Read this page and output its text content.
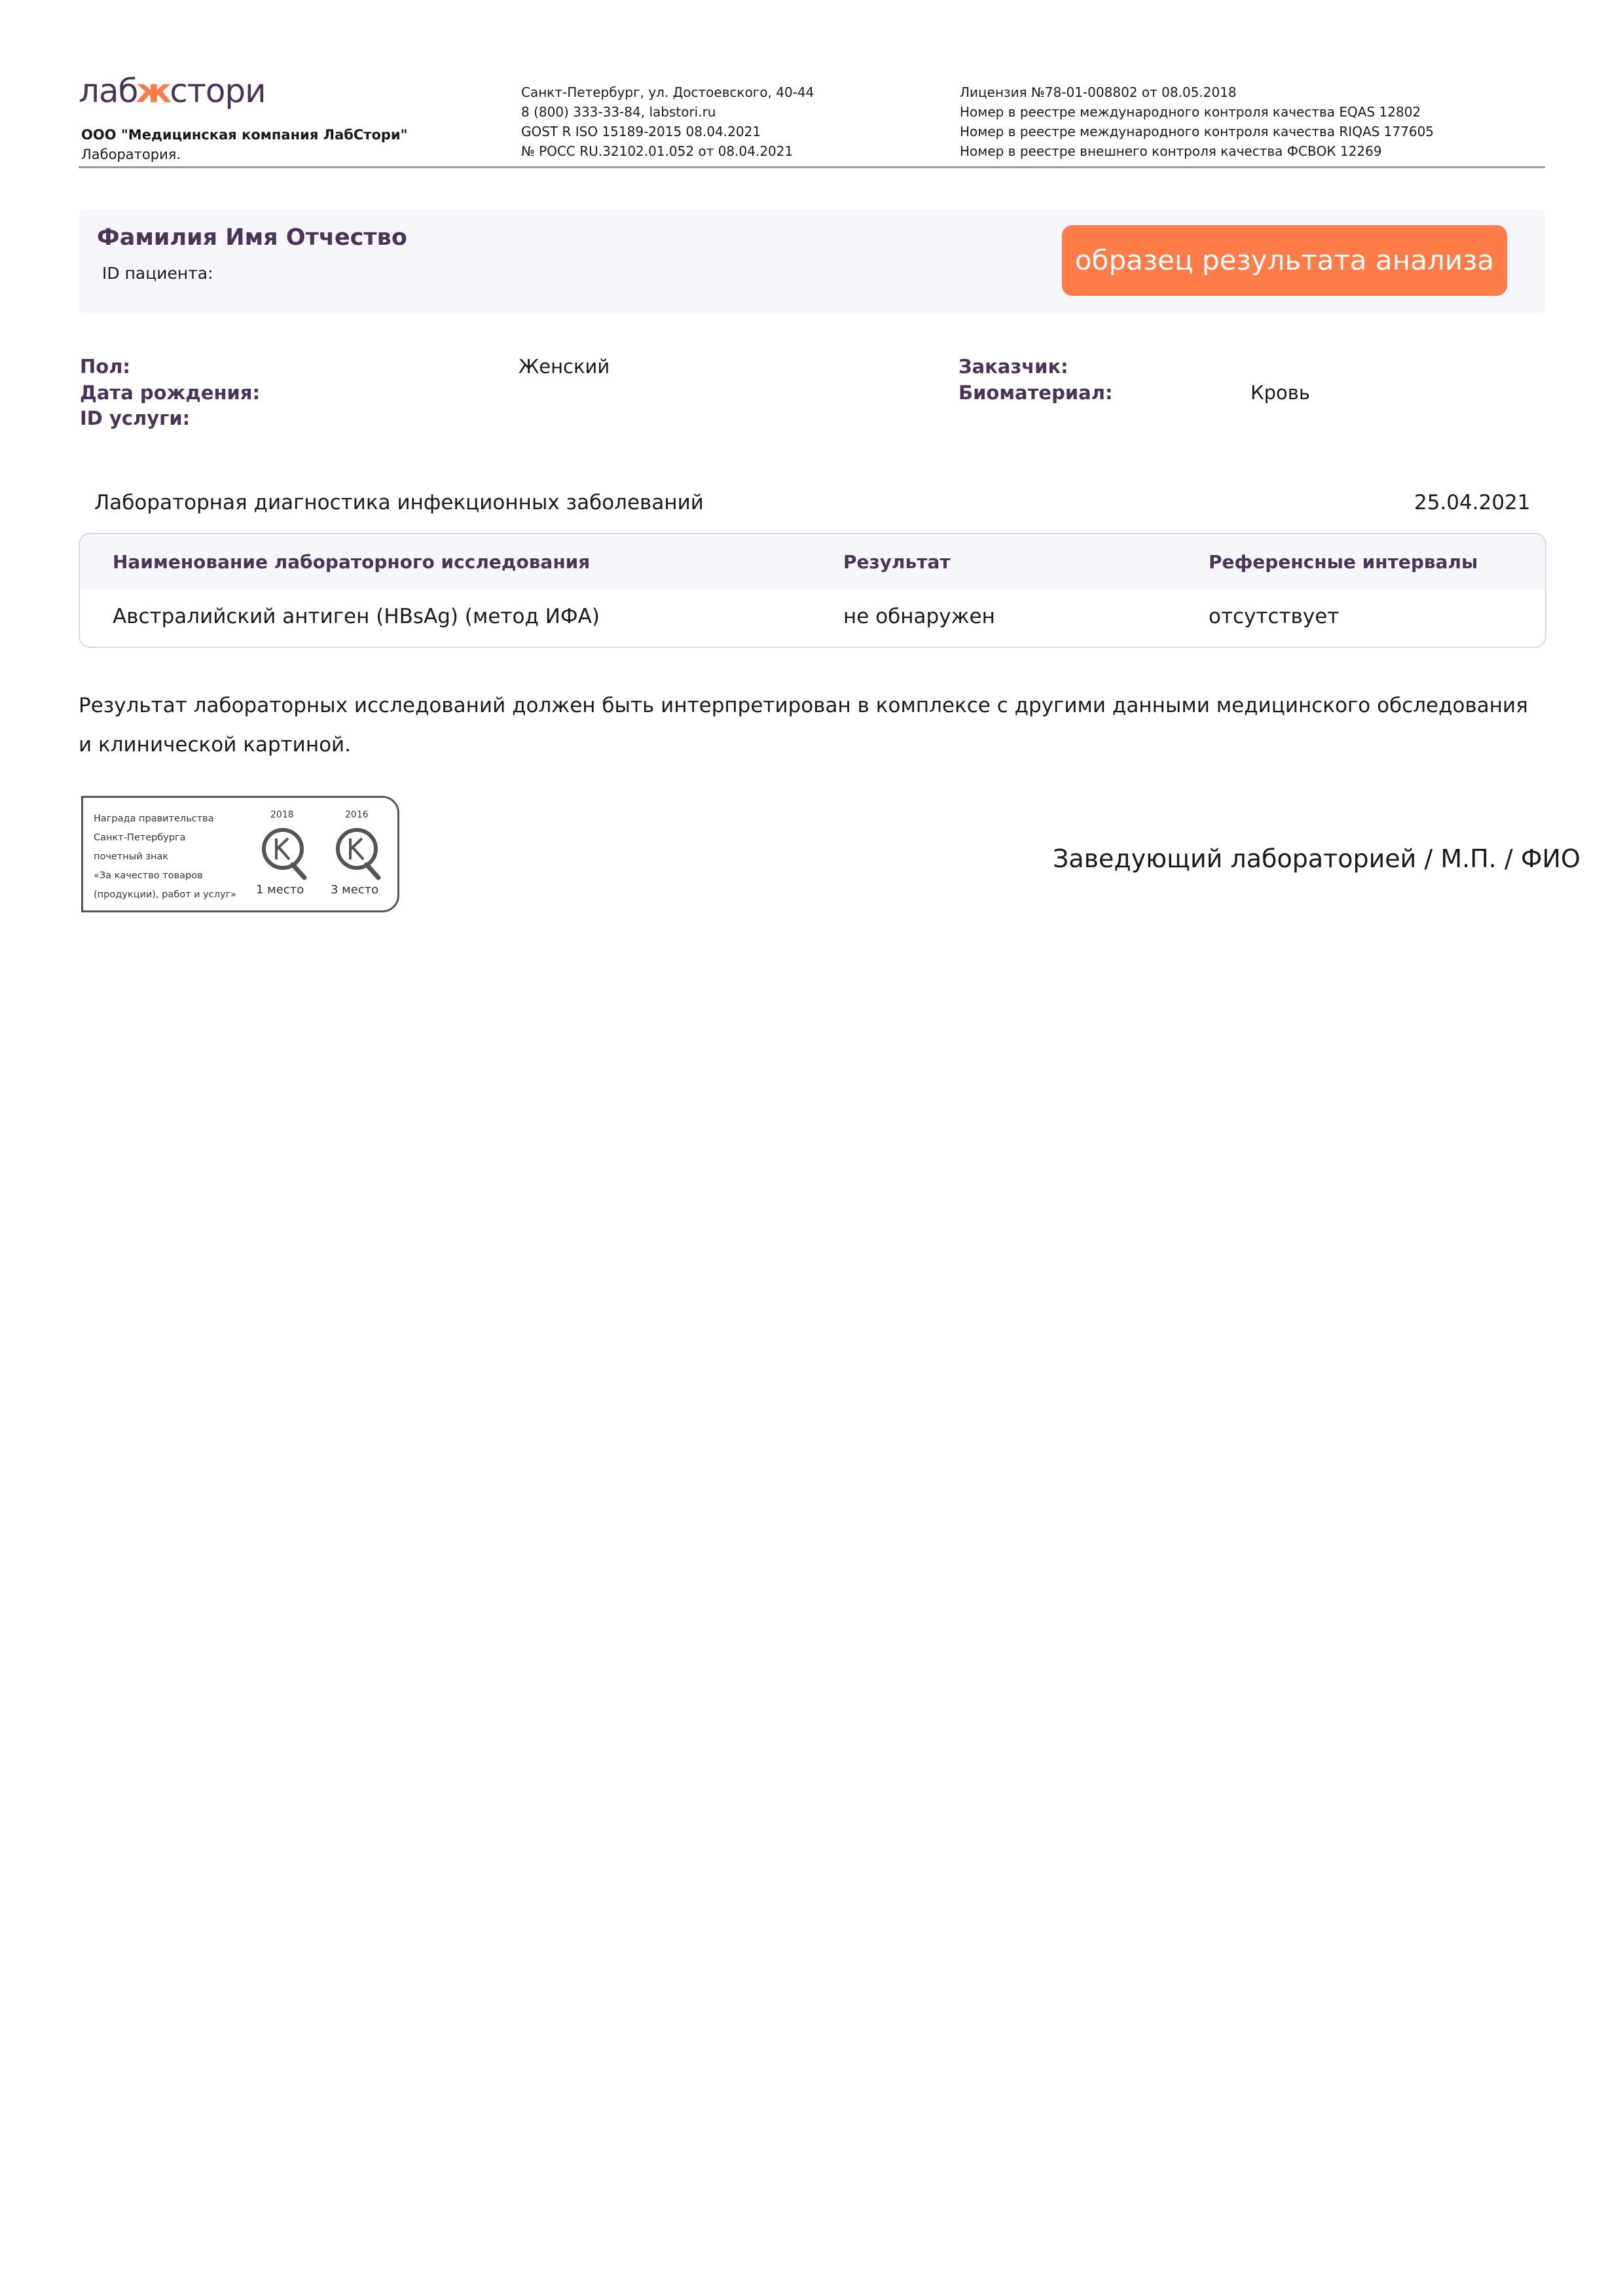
лабжстори
ООО "Медицинская компания ЛабСтори"
Лаборатория.
Санкт-Петербург, ул. Достоевского, 40-44
8 (800) 333-33-84, labstori.ru
GOST R ISO 15189-2015 08.04.2021
№ РОСС RU.32102.01.052 от 08.04.2021
Лицензия №78-01-008802 от 08.05.2018
Номер в реестре международного контроля качества EQAS 12802
Номер в реестре международного контроля качества RIQAS 177605
Номер в реестре внешнего контроля качества ФСВОК 12269
Фамилия Имя Отчество
ID пациента:	образец результата анализа
Пол:	Женский
Дата рождения:
ID услуги:
Заказчик:
Биоматериал:	Кровь
Лабораторная диагностика инфекционных заболеваний	25.04.2021
Наименование лабораторного исследования	Результат	Референсные интервалы
Австралийский антиген (HBsAg) (метод ИФА)	не обнаружен	отсутствует
Результат лабораторных исследований должен быть интерпретирован в комплексе с другими данными медицинского обследования и клинической картиной.
Награда правительства
Санкт-Петербурга
почетный знак
«За качество товаров
(продукции), работ и услуг»
2018	2016
1 место 3 место
Заведующий лабораторией / М.П. / ФИО
